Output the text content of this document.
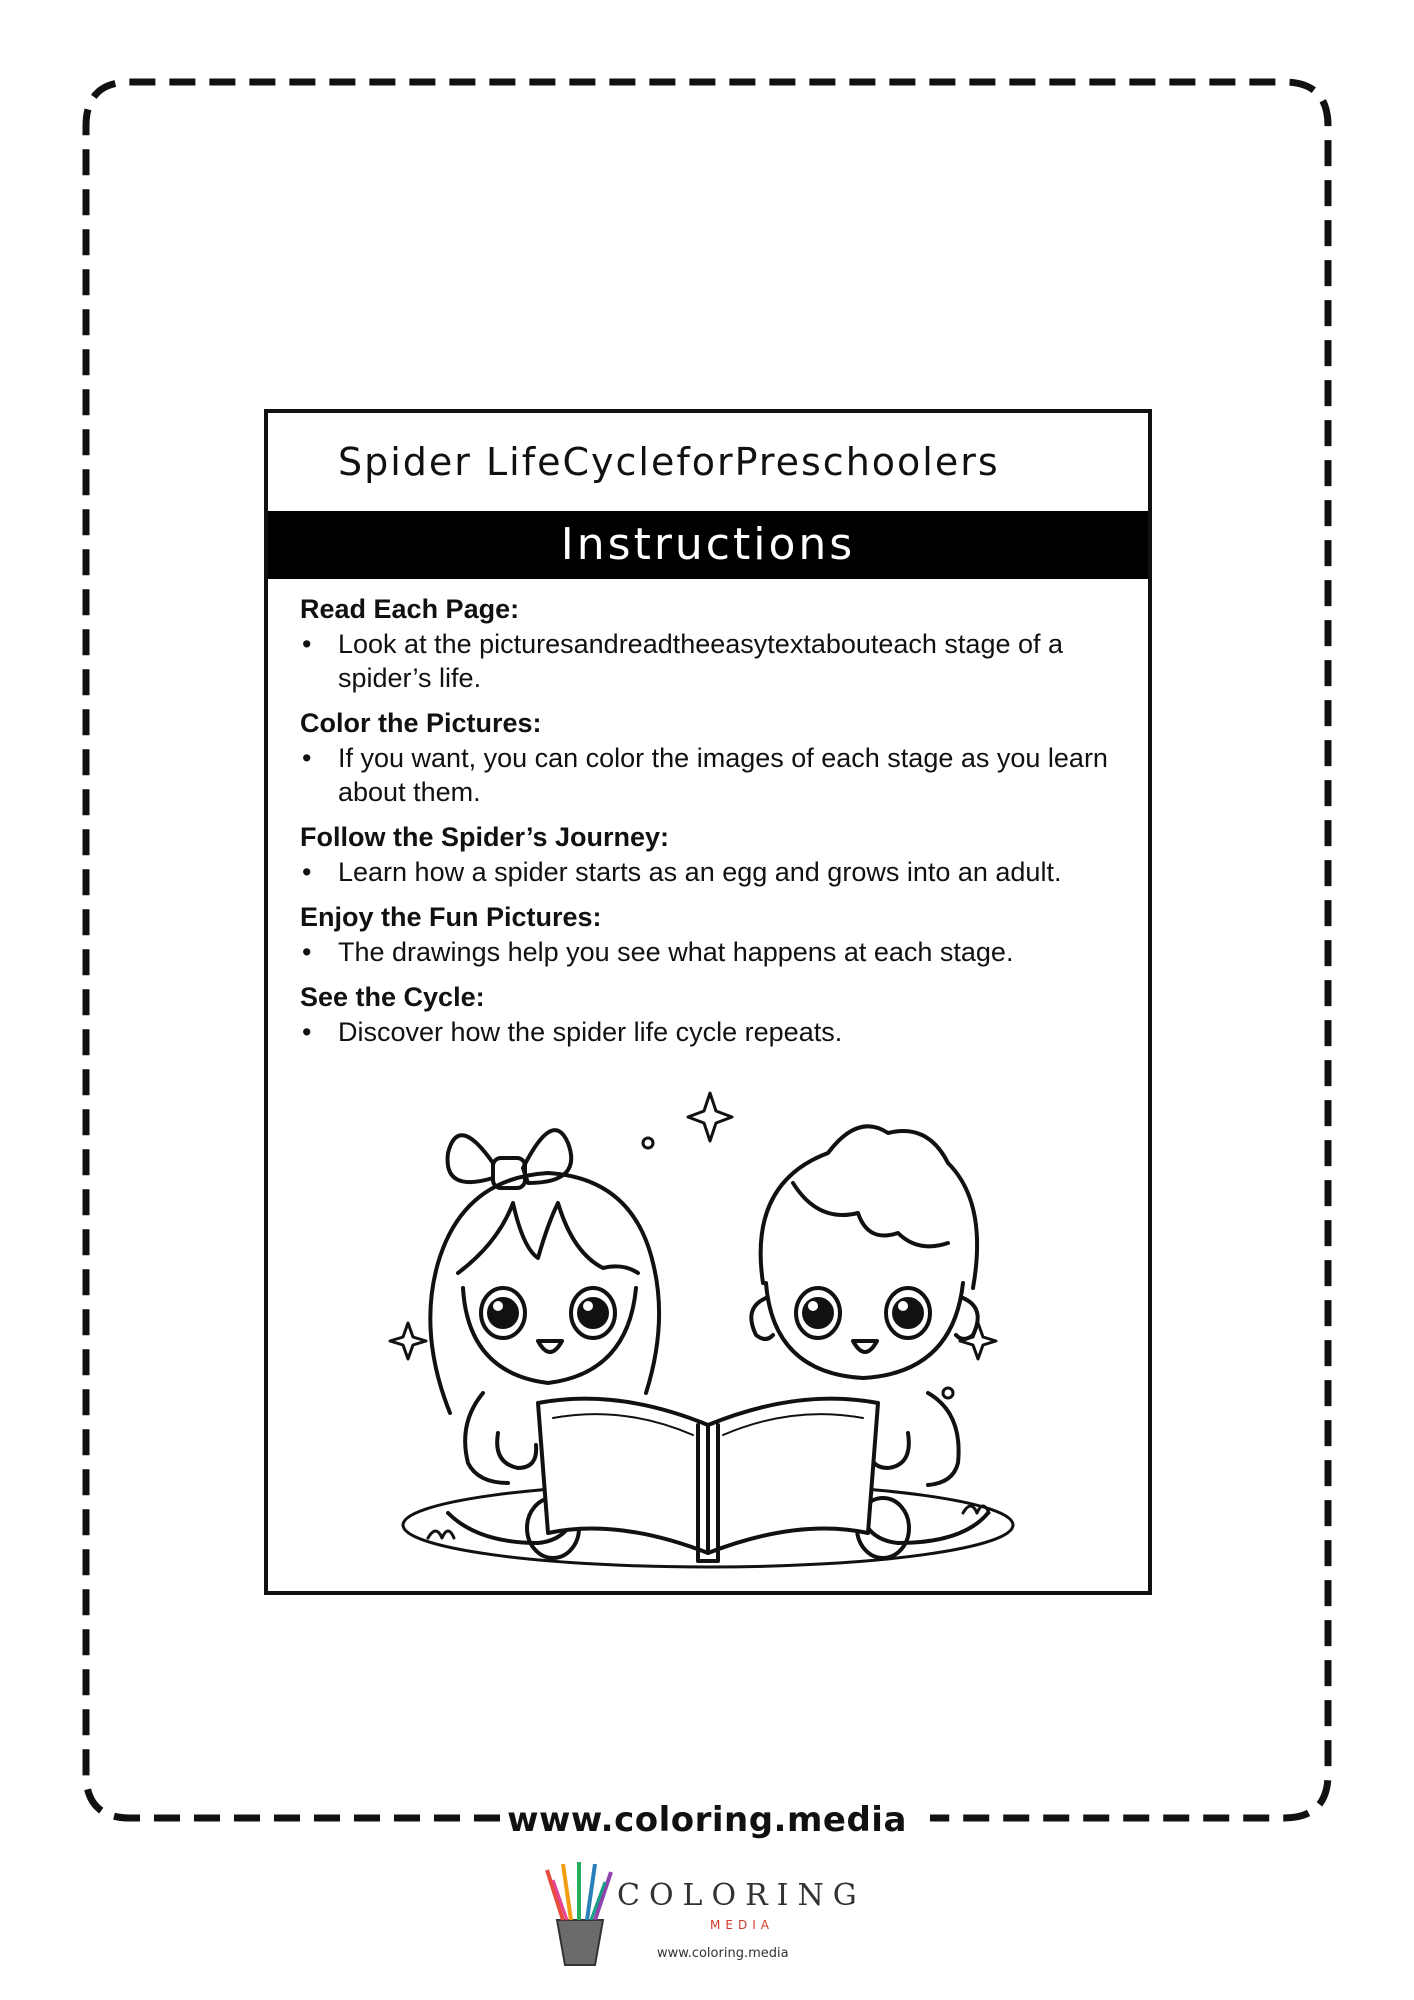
Spider LifeCycleforPreschoolers
Instructions
Read Each Page:
• Look at the picturesandreadtheeasytextabouteach stage of a spider’s life.
Color the Pictures:
• If you want, you can color the images of each stage as you learn about them.
Follow the Spider’s Journey:
• Learn how a spider starts as an egg and grows into an adult.
Enjoy the Fun Pictures:
• The drawings help you see what happens at each stage.
See the Cycle:
• Discover how the spider life cycle repeats.
www.coloring.media
COLORING
MEDIA
www.coloring.media
